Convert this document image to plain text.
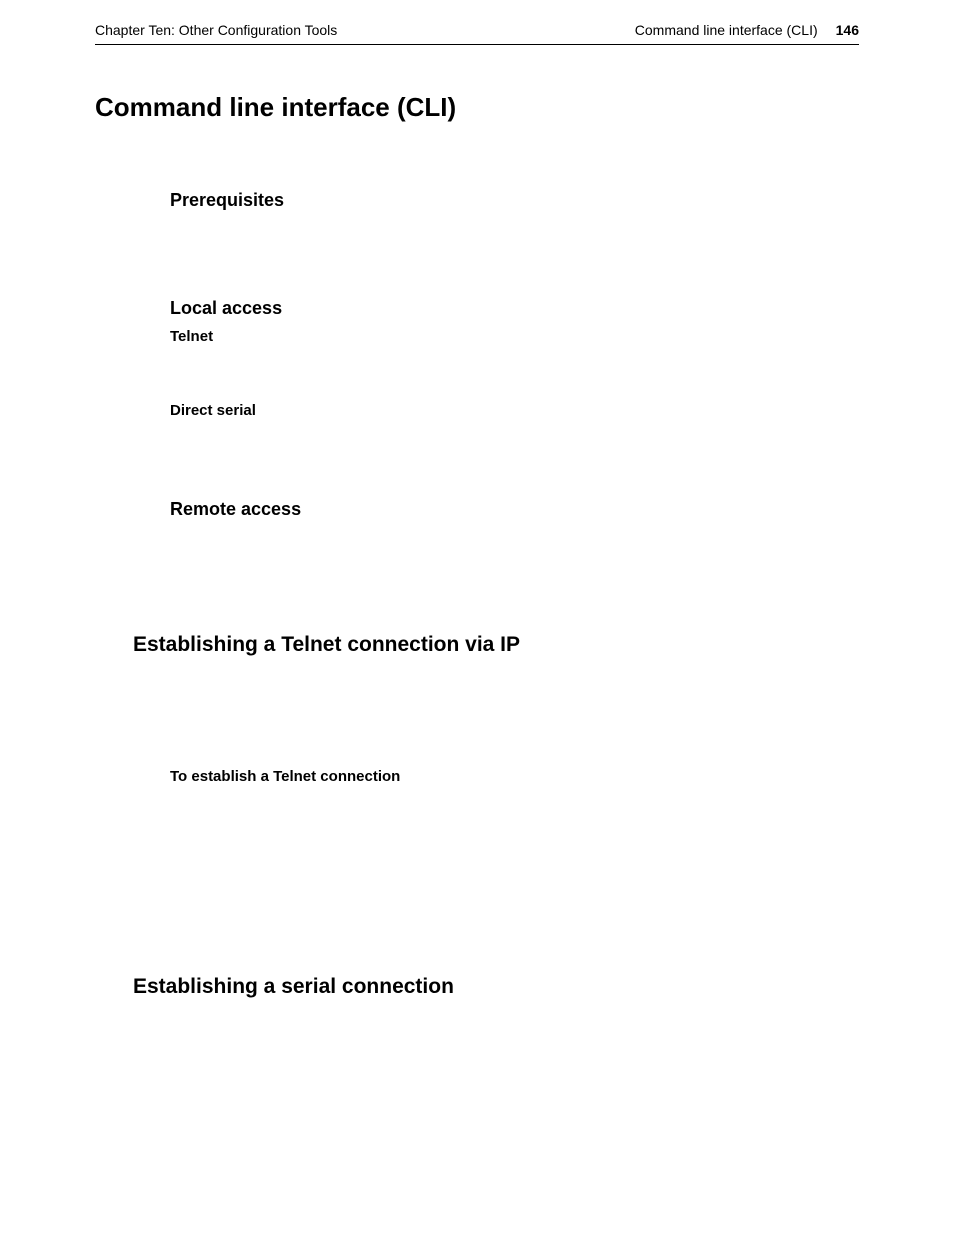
Chapter Ten: Other Configuration Tools	Command line interface (CLI) 146
Command line interface (CLI)
Prerequisites
Local access
Telnet
Direct serial
Remote access
Establishing a Telnet connection via IP
To establish a Telnet connection
Establishing a serial connection
